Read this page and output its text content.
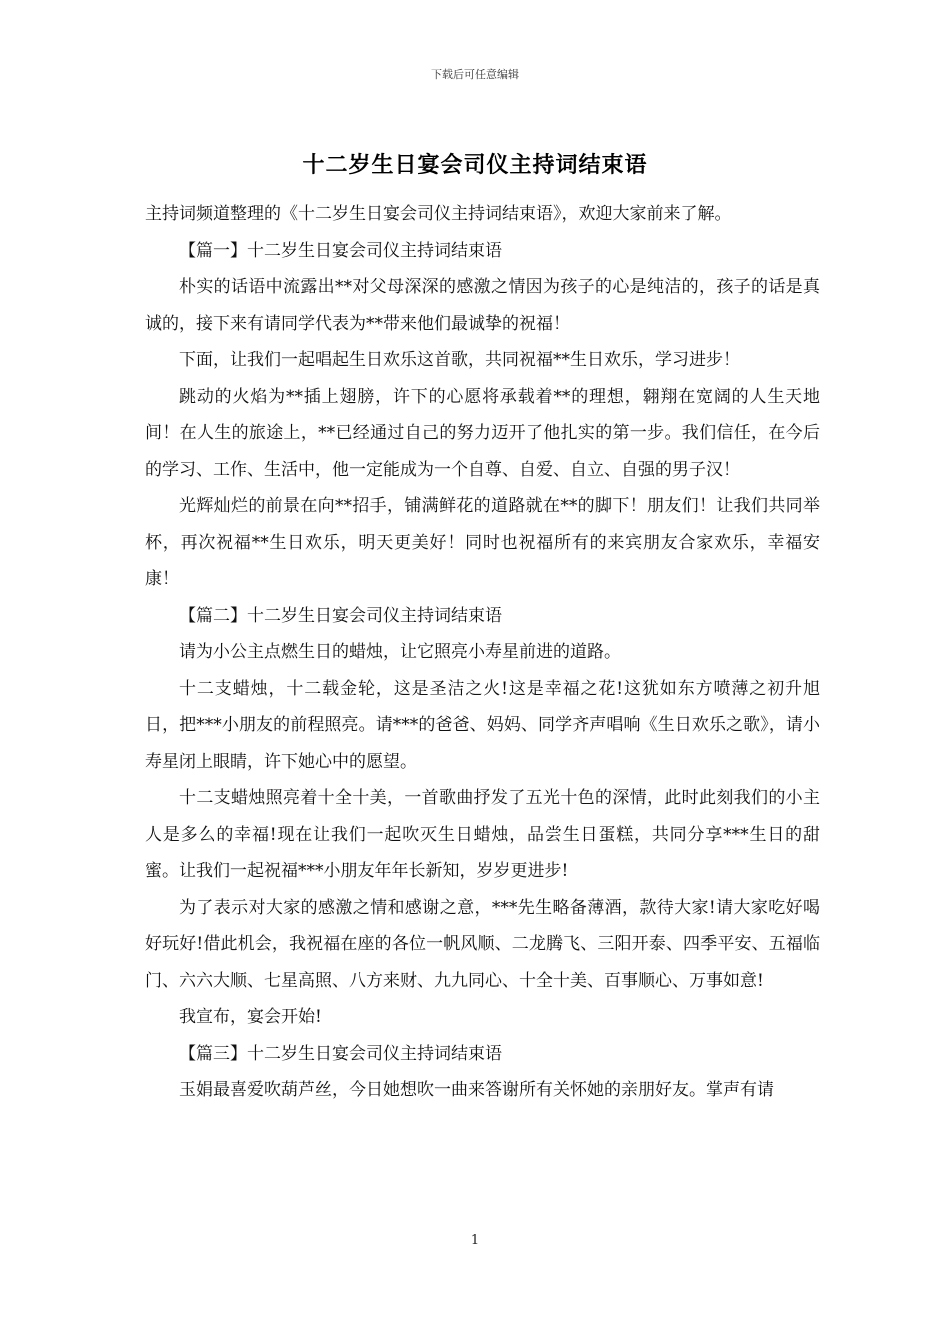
下载后可任意编辑
十二岁生日宴会司仪主持词结束语

主持词频道整理的《十二岁生日宴会司仪主持词结束语》，欢迎大家前来了解。

【篇一】十二岁生日宴会司仪主持词结束语

朴实的话语中流露出**对父母深深的感激之情因为孩子的心是纯洁的，孩子的话是真诚的，接下来有请同学代表为**带来他们最诚挚的祝福！

下面，让我们一起唱起生日欢乐这首歌，共同祝福**生日欢乐，学习进步！

跳动的火焰为**插上翅膀，许下的心愿将承载着**的理想，翱翔在宽阔的人生天地间！在人生的旅途上，**已经通过自己的努力迈开了他扎实的第一步。我们信任，在今后的学习、工作、生活中，他一定能成为一个自尊、自爱、自立、自强的男子汉！

光辉灿烂的前景在向**招手，铺满鲜花的道路就在**的脚下！朋友们！让我们共同举杯，再次祝福**生日欢乐，明天更美好！同时也祝福所有的来宾朋友合家欢乐，幸福安康！

【篇二】十二岁生日宴会司仪主持词结束语

请为小公主点燃生日的蜡烛，让它照亮小寿星前进的道路。

十二支蜡烛，十二载金轮，这是圣洁之火!这是幸福之花!这犹如东方喷薄之初升旭日，把***小朋友的前程照亮。请***的爸爸、妈妈、同学齐声唱响《生日欢乐之歌》，请小寿星闭上眼睛，许下她心中的愿望。

十二支蜡烛照亮着十全十美，一首歌曲抒发了五光十色的深情，此时此刻我们的小主人是多么的幸福!现在让我们一起吹灭生日蜡烛，品尝生日蛋糕，共同分享***生日的甜蜜。让我们一起祝福***小朋友年年长新知，岁岁更进步!

为了表示对大家的感激之情和感谢之意，***先生略备薄酒，款待大家!请大家吃好喝好玩好!借此机会，我祝福在座的各位一帆风顺、二龙腾飞、三阳开泰、四季平安、五福临门、六六大顺、七星高照、八方来财、九九同心、十全十美、百事顺心、万事如意!

我宣布，宴会开始!

【篇三】十二岁生日宴会司仪主持词结束语

玉娟最喜爱吹葫芦丝，今日她想吹一曲来答谢所有关怀她的亲朋好友。掌声有请

1
